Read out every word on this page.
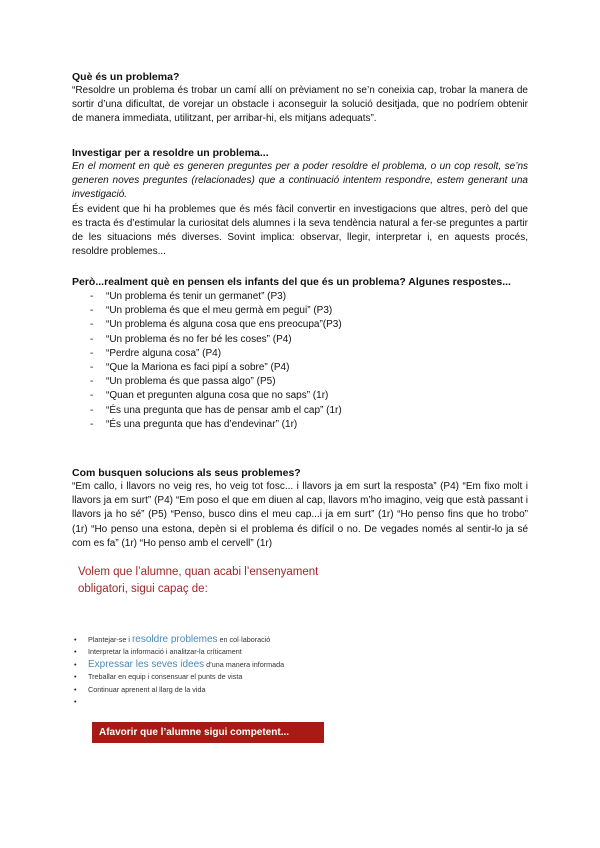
Què és un problema?

“Resoldre un problema és trobar un camí allí on prèviament no se’n coneixia cap, trobar la manera de sortir d’una dificultat, de vorejar un obstacle i aconseguir la solució desitjada, que no podríem obtenir de manera immediata, utilitzant, per arribar-hi, els mitjans adequats”.

Investigar per a resoldre un problema...

En el moment en què es generen preguntes per a poder resoldre el problema, o un cop resolt, se’ns generen noves preguntes (relacionades) que a continuació intentem respondre, estem generant una investigació.

És evident que hi ha problemes que és més fàcil convertir en investigacions que altres, però del que es tracta és d’estimular la curiositat dels alumnes i la seva tendència natural a fer-se preguntes a partir de les situacions més diverses. Sovint implica: observar, llegir, interpretar i, en aquests procés, resoldre problemes...

Però...realment què en pensen els infants del que és un problema? Algunes respostes...

- “Un problema és tenir un germanet” (P3)
- “Un problema és que el meu germà em pegui” (P3)
- “Un problema és alguna cosa que ens preocupa”(P3)
- “Un problema és no fer bé les coses” (P4)
- “Perdre alguna cosa” (P4)
- “Que la Mariona es faci pipí a sobre” (P4)
- “Un problema és que passa algo” (P5)
- “Quan et pregunten alguna cosa que no saps” (1r)
- “És una pregunta que has de pensar amb el cap” (1r)
- “És una pregunta que has d’endevinar” (1r)

Com busquen solucions als seus problemes?

“Em callo, i llavors no veig res, ho veig tot fosc... i llavors ja em surt la resposta” (P4) “Em fixo molt i llavors ja em surt” (P4) “Em poso el que em diuen al cap, llavors m’ho imagino, veig que està passant i llavors ja ho sé” (P5) “Penso, busco dins el meu cap...i ja em surt” (1r) “Ho penso fins que ho trobo” (1r) “Ho penso una estona, depèn si el problema és difícil o no. De vegades només al sentir-lo ja sé com es fa” (1r) “Ho penso amb el cervell” (1r)

Volem que l’alumne, quan acabi l’ensenyament obligatori, sigui capaç de:
• Plantejar-se i resoldre problemes en col·laboració
• Interpretar la informació i analitzar-la críticament
• Expressar les seves idees d’una manera informada
• Treballar en equip i consensuar el punts de vista
• Continuar aprenent al llarg de la vida
Afavorir que l’alumne sigui competent...
